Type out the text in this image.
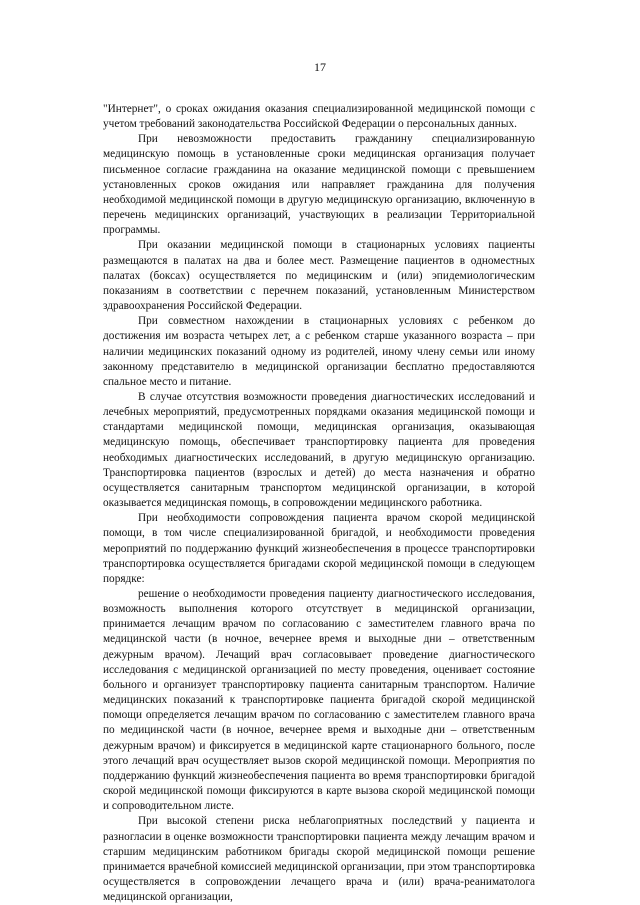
17

"Интернет", о сроках ожидания оказания специализированной медицинской помощи с учетом требований законодательства Российской Федерации о персональных данных.

При невозможности предоставить гражданину специализированную медицинскую помощь в установленные сроки медицинская организация получает письменное согласие гражданина на оказание медицинской помощи с превышением установленных сроков ожидания или направляет гражданина для получения необходимой медицинской помощи в другую медицинскую организацию, включенную в перечень медицинских организаций, участвующих в реализации Территориальной программы.

При оказании медицинской помощи в стационарных условиях пациенты размещаются в палатах на два и более мест. Размещение пациентов в одноместных палатах (боксах) осуществляется по медицинским и (или) эпидемиологическим показаниям в соответствии с перечнем показаний, установленным Министерством здравоохранения Российской Федерации.

При совместном нахождении в стационарных условиях с ребенком до достижения им возраста четырех лет, а с ребенком старше указанного возраста – при наличии медицинских показаний одному из родителей, иному члену семьи или иному законному представителю в медицинской организации бесплатно предоставляются спальное место и питание.

В случае отсутствия возможности проведения диагностических исследований и лечебных мероприятий, предусмотренных порядками оказания медицинской помощи и стандартами медицинской помощи, медицинская организация, оказывающая медицинскую помощь, обеспечивает транспортировку пациента для проведения необходимых диагностических исследований, в другую медицинскую организацию. Транспортировка пациентов (взрослых и детей) до места назначения и обратно осуществляется санитарным транспортом медицинской организации, в которой оказывается медицинская помощь, в сопровождении медицинского работника.

При необходимости сопровождения пациента врачом скорой медицинской помощи, в том числе специализированной бригадой, и необходимости проведения мероприятий по поддержанию функций жизнеобеспечения в процессе транспортировки транспортировка осуществляется бригадами скорой медицинской помощи в следующем порядке:

решение о необходимости проведения пациенту диагностического исследования, возможность выполнения которого отсутствует в медицинской организации, принимается лечащим врачом по согласованию с заместителем главного врача по медицинской части (в ночное, вечернее время и выходные дни – ответственным дежурным врачом). Лечащий врач согласовывает проведение диагностического исследования с медицинской организацией по месту проведения, оценивает состояние больного и организует транспортировку пациента санитарным транспортом. Наличие медицинских показаний к транспортировке пациента бригадой скорой медицинской помощи определяется лечащим врачом по согласованию с заместителем главного врача по медицинской части (в ночное, вечернее время и выходные дни – ответственным дежурным врачом) и фиксируется в медицинской карте стационарного больного, после этого лечащий врач осуществляет вызов скорой медицинской помощи. Мероприятия по поддержанию функций жизнеобеспечения пациента во время транспортировки бригадой скорой медицинской помощи фиксируются в карте вызова скорой медицинской помощи и сопроводительном листе.

При высокой степени риска неблагоприятных последствий у пациента и разногласии в оценке возможности транспортировки пациента между лечащим врачом и старшим медицинским работником бригады скорой медицинской помощи решение принимается врачебной комиссией медицинской организации, при этом транспортировка осуществляется в сопровождении лечащего врача и (или) врача-реаниматолога медицинской организации,
